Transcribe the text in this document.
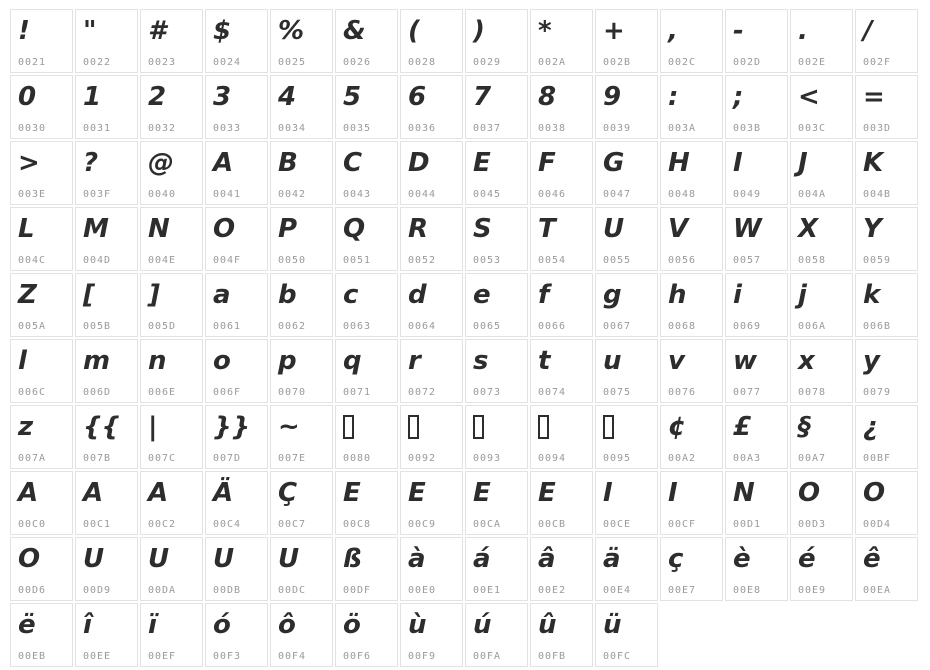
!
0021
"
0022
#
0023
$
0024
%
0025
&
0026
(
0028
)
0029
*
002A
+
002B
,
002C
-
002D
.
002E
/
002F
0
0030
1
0031
2
0032
3
0033
4
0034
5
0035
6
0036
7
0037
8
0038
9
0039
:
003A
;
003B
<
003C
=
003D
>
003E
?
003F
@
0040
A
0041
B
0042
C
0043
D
0044
E
0045
F
0046
G
0047
H
0048
I
0049
J
004A
K
004B
L
004C
M
004D
N
004E
O
004F
P
0050
Q
0051
R
0052
S
0053
T
0054
U
0055
V
0056
W
0057
X
0058
Y
0059
Z
005A
[
005B
]
005D
a
0061
b
0062
c
0063
d
0064
e
0065
f
0066
g
0067
h
0068
i
0069
j
006A
k
006B
l
006C
m
006D
n
006E
o
006F
p
0070
q
0071
r
0072
s
0073
t
0074
u
0075
v
0076
w
0077
x
0078
y
0079
z
007A
{{
007B
|
007C
}}
007D
~
007E	0080	0092	0093	0094	0095
¢
00A2
£
00A3
§
00A7
¿
00BF
A
00C0
A
00C1
A
00C2
Ä
00C4
Ç
00C7
E
00C8
E
00C9
E
00CA
E
00CB
I
00CE
I
00CF
N
00D1
O
00D3
O
00D4
O
00D6
U
00D9
U
00DA
U
00DB
U
00DC
ß
00DF
à
00E0
á
00E1
â
00E2
ä
00E4
ç
00E7
è
00E8
é
00E9
ê
00EA
ë
00EB
î
00EE
ï
00EF
ó
00F3
ô
00F4
ö
00F6
ù
00F9
ú
00FA
û
00FB
ü
00FC
